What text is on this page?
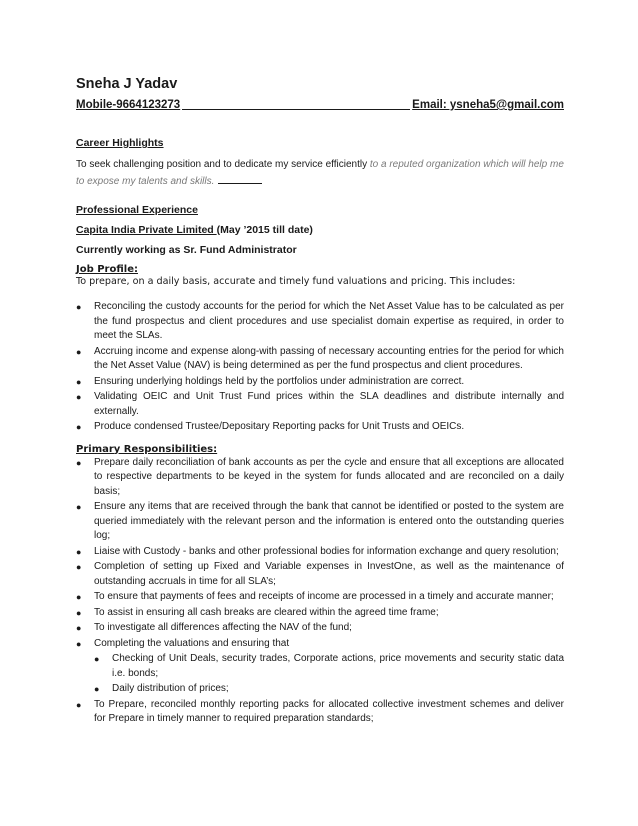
Sneha J Yadav

Mobile-9664123273	Email: ysneha5@gmail.com

Career Highlights

To seek challenging position and to dedicate my service efficiently to a reputed organization which will help me to expose my talents and skills.

Professional Experience

Capita India Private Limited (May ’2015 till date)

Currently working as Sr. Fund Administrator

Job Profile:

To prepare, on a daily basis, accurate and timely fund valuations and pricing. This includes:

● Reconciling the custody accounts for the period for which the Net Asset Value has to be calculated as per the fund prospectus and client procedures and use specialist domain expertise as required, in order to meet the SLAs.
● Accruing income and expense along-with passing of necessary accounting entries for the period for which the Net Asset Value (NAV) is being determined as per the fund prospectus and client procedures.
● Ensuring underlying holdings held by the portfolios under administration are correct.
● Validating OEIC and Unit Trust Fund prices within the SLA deadlines and distribute internally and externally.
● Produce condensed Trustee/Depositary Reporting packs for Unit Trusts and OEICs.

Primary Responsibilities:

● Prepare daily reconciliation of bank accounts as per the cycle and ensure that all exceptions are allocated to respective departments to be keyed in the system for funds allocated and are reconciled on a daily basis;
● Ensure any items that are received through the bank that cannot be identified or posted to the system are queried immediately with the relevant person and the information is entered onto the outstanding queries log;
● Liaise with Custody - banks and other professional bodies for information exchange and query resolution;
● Completion of setting up Fixed and Variable expenses in InvestOne, as well as the maintenance of outstanding accruals in time for all SLA’s;
● To ensure that payments of fees and receipts of income are processed in a timely and accurate manner;
● To assist in ensuring all cash breaks are cleared within the agreed time frame;
● To investigate all differences affecting the NAV of the fund;
● Completing the valuations and ensuring that
● Checking of Unit Deals, security trades, Corporate actions, price movements and security static data i.e. bonds;
● Daily distribution of prices;
● To Prepare, reconciled monthly reporting packs for allocated collective investment schemes and deliver for Prepare in timely manner to required preparation standards;
